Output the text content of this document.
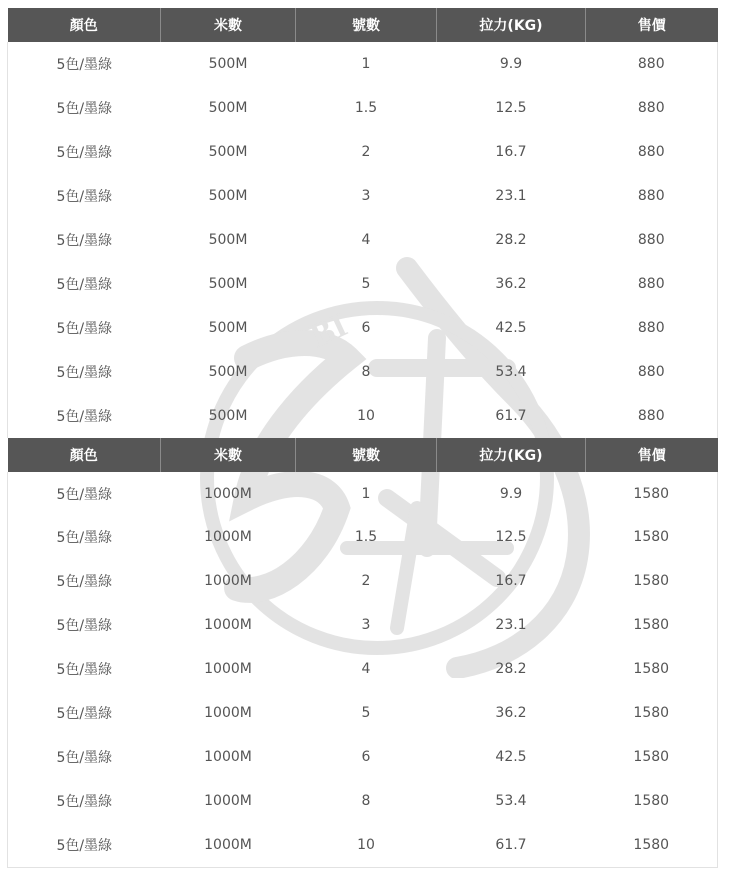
BI
顏色	米數	號數	拉力(KG)	售價
5色/墨綠	500M	1	9.9	880
5色/墨綠	500M	1.5	12.5	880
5色/墨綠	500M	2	16.7	880
5色/墨綠	500M	3	23.1	880
5色/墨綠	500M	4	28.2	880
5色/墨綠	500M	5	36.2	880
5色/墨綠	500M	6	42.5	880
5色/墨綠	500M	8	53.4	880
5色/墨綠	500M	10	61.7	880
顏色	米數	號數	拉力(KG)	售價
5色/墨綠	1000M	1	9.9	1580
5色/墨綠	1000M	1.5	12.5	1580
5色/墨綠	1000M	2	16.7	1580
5色/墨綠	1000M	3	23.1	1580
5色/墨綠	1000M	4	28.2	1580
5色/墨綠	1000M	5	36.2	1580
5色/墨綠	1000M	6	42.5	1580
5色/墨綠	1000M	8	53.4	1580
5色/墨綠	1000M	10	61.7	1580
